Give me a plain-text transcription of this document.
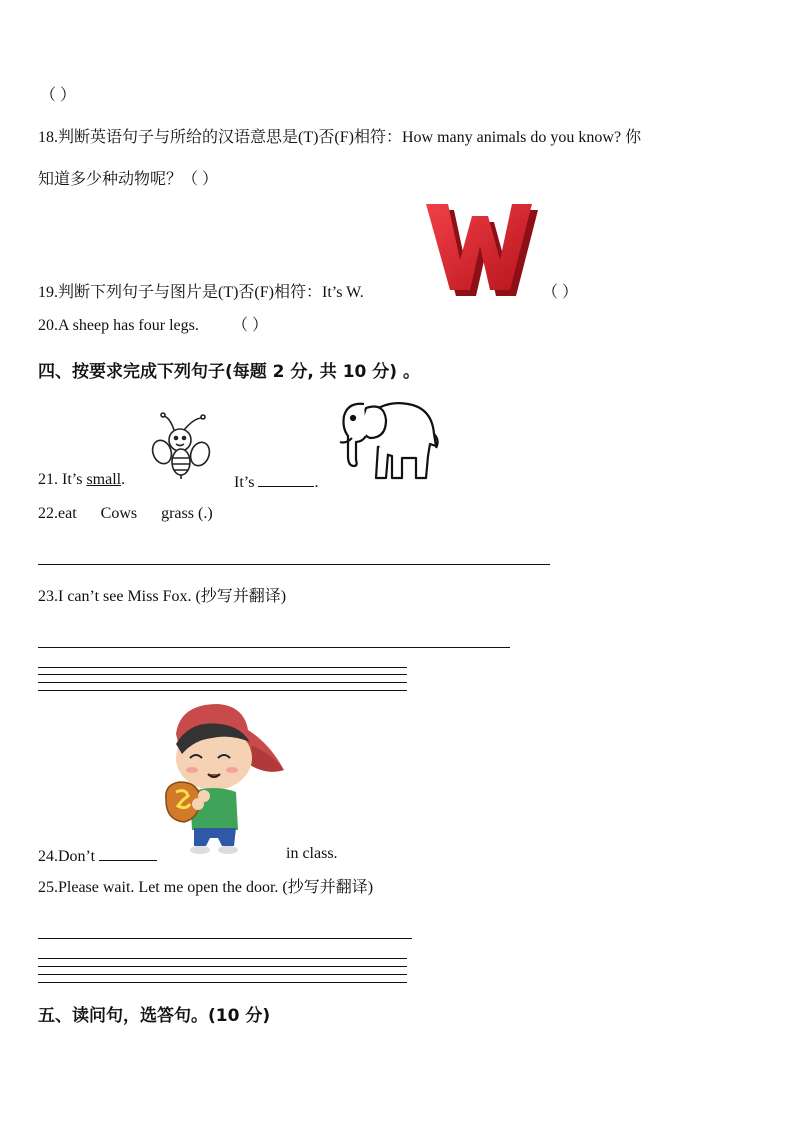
（ ）
18.判断英语句子与所给的汉语意思是(T)否(F)相符：How many animals do you know? 你
知道多少种动物呢？（ ）
19.判断下列句子与图片是(T)否(F)相符：It’s W.	（ ）
20.A sheep has four legs. （ ）
四、按要求完成下列句子(每题 2 分, 共 10 分) 。
21. It’s small.	It’s	.
22.eat      Cows      grass (.)
23.I can’t see Miss Fox. (抄写并翻译)
24.Don’t	in class.
25.Please wait. Let me open the door. (抄写并翻译)
五、读问句，选答句。(10 分)
